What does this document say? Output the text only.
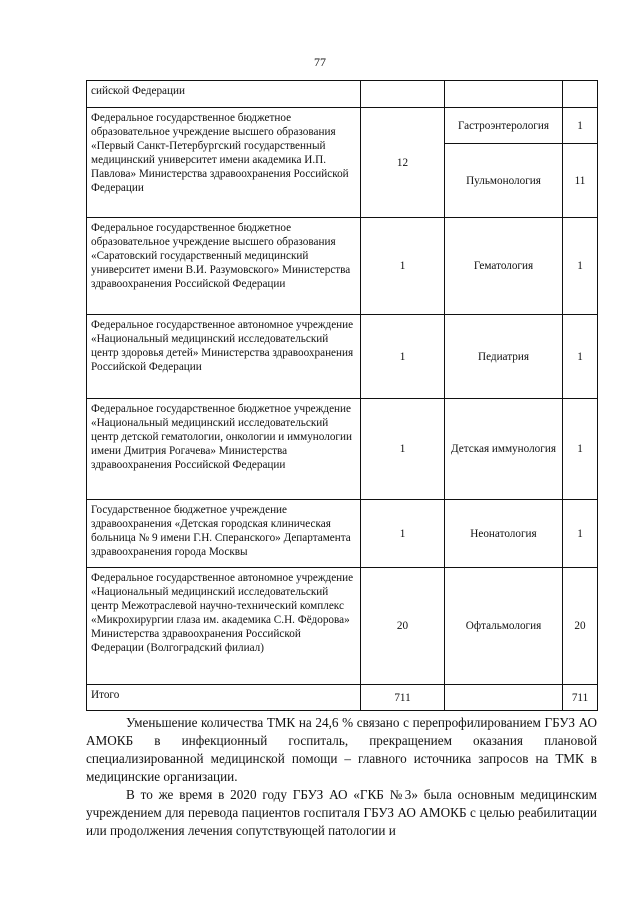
77
сийской Федерации			
Федеральное государственное бюджетное образовательное учреждение высшего образования «Первый Санкт-Петербургский государственный медицинский университет имени академика И.П. Павлова» Министерства здравоохранения Российской Федерации	12	Гастроэнтерология	1
		Пульмонология	11
Федеральное государственное бюджетное образовательное учреждение высшего образования «Саратовский государственный медицинский университет имени В.И. Разумовского» Министерства здравоохранения Российской Федерации	1	Гематология	1
Федеральное государственное автономное учреждение «Национальный медицинский исследовательский центр здоровья детей» Министерства здравоохранения Российской Федерации	1	Педиатрия	1
Федеральное государственное бюджетное учреждение «Национальный медицинский исследовательский центр детской гематологии, онкологии и иммунологии имени Дмитрия Рогачева» Министерства здравоохранения Российской Федерации	1	Детская иммунология	1
Государственное бюджетное учреждение здравоохранения «Детская городская клиническая больница № 9 имени Г.Н. Сперанского» Департамента здравоохранения города Москвы	1	Неонатология	1
Федеральное государственное автономное учреждение «Национальный медицинский исследовательский центр Межотраслевой научно-технический комплекс «Микрохирургии глаза им. академика С.Н. Фёдорова» Министерства здравоохранения Российской Федерации (Волгоградский филиал)	20	Офтальмология	20
Итого	711		711

Уменьшение количества ТМК на 24,6 % связано с перепрофилированием ГБУЗ АО АМОКБ в инфекционный госпиталь, прекращением оказания плановой специализированной медицинской помощи – главного источника запросов на ТМК в медицинские организации.

В то же время в 2020 году ГБУЗ АО «ГКБ №3» была основным медицинским учреждением для перевода пациентов госпиталя ГБУЗ АО АМОКБ с целью реабилитации или продолжения лечения сопутствующей патологии и
